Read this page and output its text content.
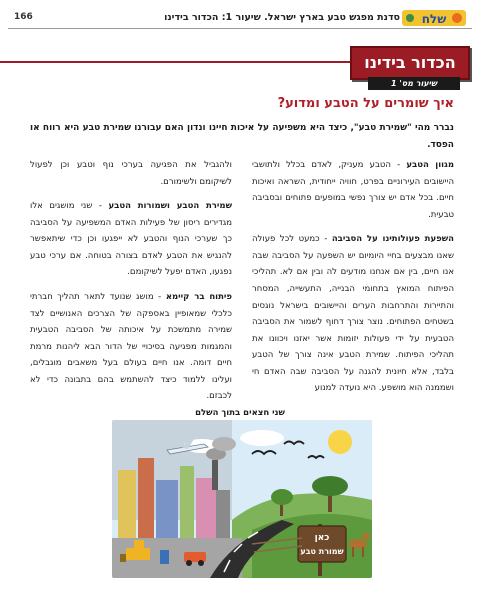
166	סדנת מפגש טבע בארץ ישראל. שיעור 1: הכדור בידינו שלח
הכדור בידינו
שיעור מס' 1
איך שומרים על הטבע ומדוע?
נברר מהי "שמירת טבע", כיצד היא משפיעה על איכות חיינו ונדון האם עבורנו שמירת טבע היא רווח או הפסד.

מגוון הטבע - הטבע מעניק, לאדם בכלל ולתושבי היישובים העירוניים בפרט, חוויה ייחודית, השראה ואיכות חיים. בכל אדם יש צורך נפשי במופעים פתוחים ובסביבה טבעית.

השפעת פעולותינו על הסביבה - כמעט לכל פעולה שאנו מבצעים בחיי היומיום יש השפעה על הסביבה שבה אנו חיים, בין אם אנחנו מודעים לה ובין אם לא. תהליכי הפיתוח המואץ בתחומי הבנייה, התעשייה, המסחר והתיירות והתרחבות הערים והיישובים בישראל נוגסים בשטחים הפתוחים. נוצר צורך דחוף לשמור את הסביבה הטבעית על ידי פעולות יזומות אשר יאזנו ויכוונו את תהליכי הפיתוח. שמירת הטבע אינה צורך של הטבע בלבד, אלא חיונית להגנה על הסביבה שבה האדם חי ושממנה הוא מושפע. היא נועדה למנוע

ולהגביל את הפגיעה בערכי נוף וטבע וכן לפעול לשיקומם ולשימורם.

שמירת הטבע ושמורות הטבע - שני מושגים אלו מגדירים ריסון של פעילות האדם המשפיעה על הסביבה כך שערכי הנוף והטבע לא ייפגעו וכן כדי שיתאפשר להנגיש את הטבע לאדם בצורה בטוחה. אם ערכי טבע נפגעו, האדם יפעל לשיקומם.

פיתוח בר קיימא - מושג שנועד לתאר תהליך חברתי כלכלי שמאופיין באספקה של הצרכים האנושיים לצד שמירה מתמשכת על איכותה של הסביבה הטבעית והמגמות מפגיעה בסיכויי של הדור הבא ליהנות מרמת חיים דומה. אנו חיים בעולם בעל משאבים מוגבלים, ועלינו ללמוד כיצד להשתמש בהם בתבונה כדי לא לכבזם.

שני חצאים בתוך השלם
כאן
שמורת טבע
